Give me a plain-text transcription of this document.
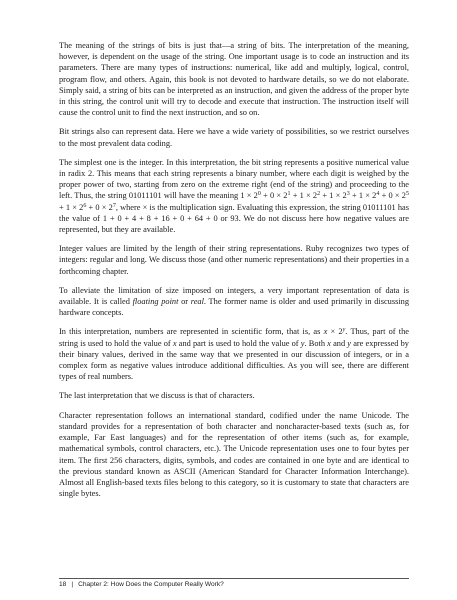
The meaning of the strings of bits is just that—a string of bits. The interpretation of the meaning, however, is dependent on the usage of the string. One important usage is to code an instruction and its parameters. There are many types of instructions: numerical, like add and multiply, logical, control, program flow, and others. Again, this book is not devoted to hardware details, so we do not elaborate. Simply said, a string of bits can be interpreted as an instruction, and given the address of the proper byte in this string, the control unit will try to decode and execute that instruction. The instruction itself will cause the control unit to find the next instruction, and so on.

Bit strings also can represent data. Here we have a wide variety of possibilities, so we restrict ourselves to the most prevalent data coding.

The simplest one is the integer. In this interpretation, the bit string represents a positive numerical value in radix 2. This means that each string represents a binary number, where each digit is weighed by the proper power of two, starting from zero on the extreme right (end of the string) and proceeding to the left. Thus, the string 01011101 will have the meaning $1 \times 2^0 + 0 \times 2^1 + 1 \times 2^2 + 1 \times 2^3 + 1 \times 2^4 + 0 \times 2^5 + 1 \times 2^6 + 0 \times 2^7$, where × is the multiplication sign. Evaluating this expression, the string 01011101 has the value of 1 + 0 + 4 + 8 + 16 + 0 + 64 + 0 or 93. We do not discuss here how negative values are represented, but they are available.

Integer values are limited by the length of their string representations. Ruby recognizes two types of integers: regular and long. We discuss those (and other numeric representations) and their properties in a forthcoming chapter.

To alleviate the limitation of size imposed on integers, a very important representation of data is available. It is called floating point or real. The former name is older and used primarily in discussing hardware concepts.

In this interpretation, numbers are represented in scientific form, that is, as $x \times 2^y$. Thus, part of the string is used to hold the value of x and part is used to hold the value of y. Both x and y are expressed by their binary values, derived in the same way that we presented in our discussion of integers, or in a complex form as negative values introduce additional difficulties. As you will see, there are different types of real numbers.

The last interpretation that we discuss is that of characters.

Character representation follows an international standard, codified under the name Unicode. The standard provides for a representation of both character and noncharacter-based texts (such as, for example, Far East languages) and for the representation of other items (such as, for example, mathematical symbols, control characters, etc.). The Unicode representation uses one to four bytes per item. The first 256 characters, digits, symbols, and codes are contained in one byte and are identical to the previous standard known as ASCII (American Standard for Character Information Interchange). Almost all English-based texts files belong to this category, so it is customary to state that characters are single bytes.

18 | Chapter 2: How Does the Computer Really Work?
